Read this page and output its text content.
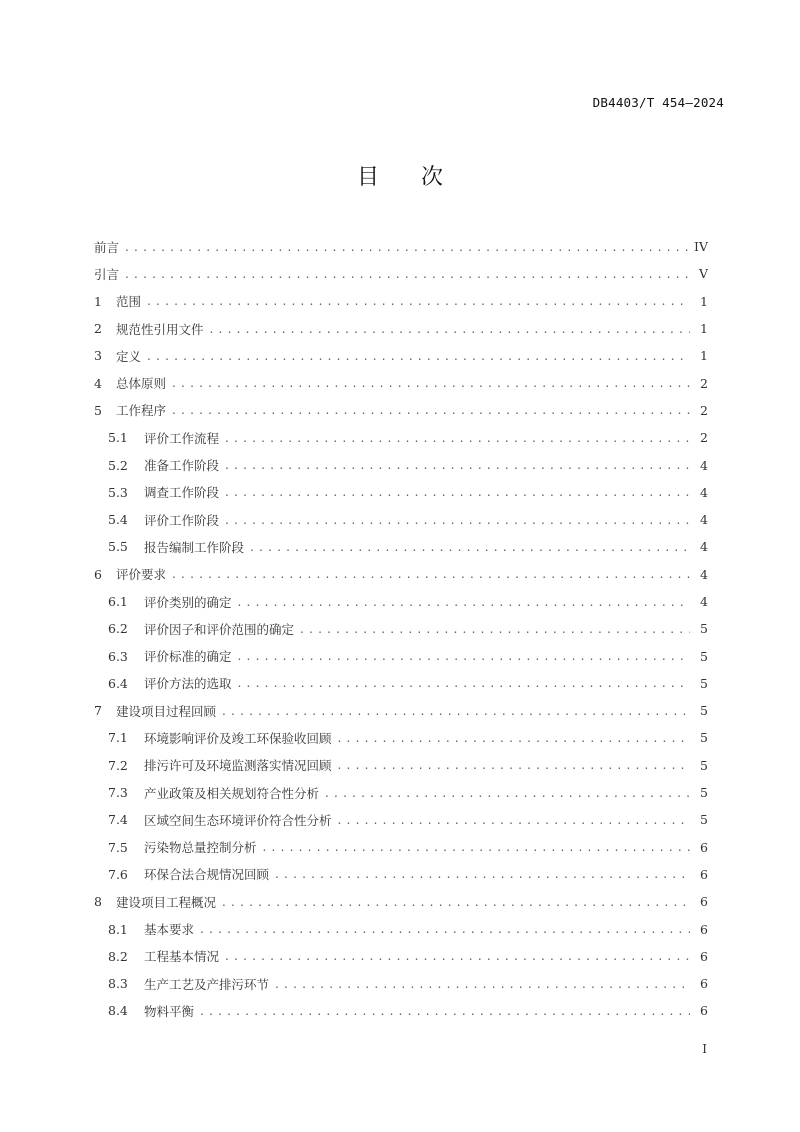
DB4403/T 454—2024
目 次
前言 . . .	IV
引言 . . .	V
1	范围 . . .	1
2	规范性引用文件 . . .	1
3	定义 . . .	1
4	总体原则 . . .	2
5	工作程序 . . .	2
5.1	评价工作流程 . . .	2
5.2	准备工作阶段 . . .	4
5.3	调查工作阶段 . . .	4
5.4	评价工作阶段 . . .	4
5.5	报告编制工作阶段 . . .	4
6	评价要求 . . .	4
6.1	评价类别的确定 . . .	4
6.2	评价因子和评价范围的确定 . . .	5
6.3	评价标准的确定 . . .	5
6.4	评价方法的选取 . . .	5
7	建设项目过程回顾 . . .	5
7.1	环境影响评价及竣工环保验收回顾 . . .	5
7.2	排污许可及环境监测落实情况回顾 . . .	5
7.3	产业政策及相关规划符合性分析 . . .	5
7.4	区域空间生态环境评价符合性分析 . . .	5
7.5	污染物总量控制分析 . . .	6
7.6	环保合法合规情况回顾 . . .	6
8	建设项目工程概况 . . .	6
8.1	基本要求 . . .	6
8.2	工程基本情况 . . .	6
8.3	生产工艺及产排污环节 . . .	6
8.4	物料平衡 . . .	6
I
